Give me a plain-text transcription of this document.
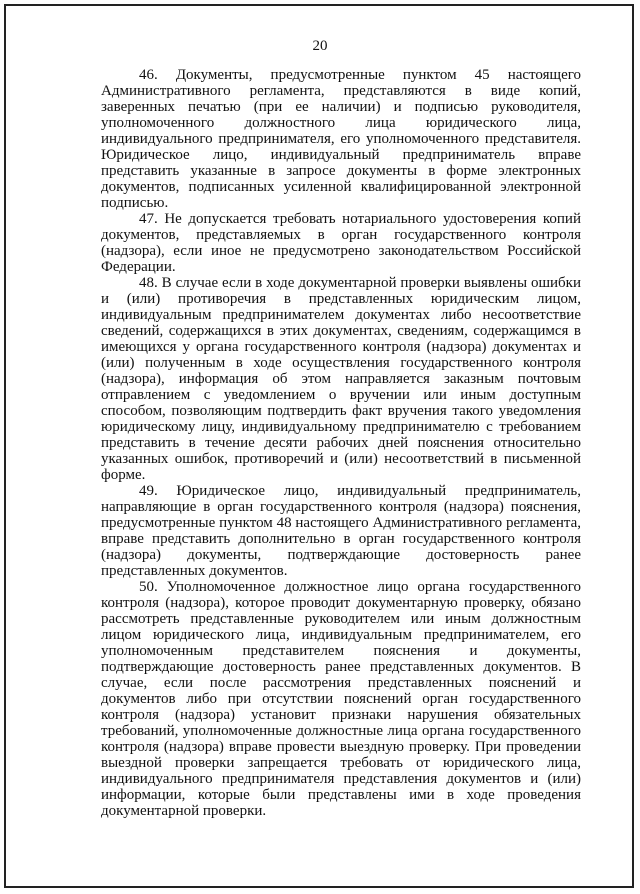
20

46. Документы, предусмотренные пунктом 45 настоящего Административного регламента, представляются в виде копий, заверенных печатью (при ее наличии) и подписью руководителя, уполномоченного должностного лица юридического лица, индивидуального предпринимателя, его уполномоченного представителя. Юридическое лицо, индивидуальный предприниматель вправе представить указанные в запросе документы в форме электронных документов, подписанных усиленной квалифицированной электронной подписью.

47. Не допускается требовать нотариального удостоверения копий документов, представляемых в орган государственного контроля (надзора), если иное не предусмотрено законодательством Российской Федерации.

48. В случае если в ходе документарной проверки выявлены ошибки и (или) противоречия в представленных юридическим лицом, индивидуальным предпринимателем документах либо несоответствие сведений, содержащихся в этих документах, сведениям, содержащимся в имеющихся у органа государственного контроля (надзора) документах и (или) полученным в ходе осуществления государственного контроля (надзора), информация об этом направляется заказным почтовым отправлением с уведомлением о вручении или иным доступным способом, позволяющим подтвердить факт вручения такого уведомления юридическому лицу, индивидуальному предпринимателю с требованием представить в течение десяти рабочих дней пояснения относительно указанных ошибок, противоречий и (или) несоответствий в письменной форме.

49. Юридическое лицо, индивидуальный предприниматель, направляющие в орган государственного контроля (надзора) пояснения, предусмотренные пунктом 48 настоящего Административного регламента, вправе представить дополнительно в орган государственного контроля (надзора) документы, подтверждающие достоверность ранее представленных документов.

50. Уполномоченное должностное лицо органа государственного контроля (надзора), которое проводит документарную проверку, обязано рассмотреть представленные руководителем или иным должностным лицом юридического лица, индивидуальным предпринимателем, его уполномоченным представителем пояснения и документы, подтверждающие достоверность ранее представленных документов. В случае, если после рассмотрения представленных пояснений и документов либо при отсутствии пояснений орган государственного контроля (надзора) установит признаки нарушения обязательных требований, уполномоченные должностные лица органа государственного контроля (надзора) вправе провести выездную проверку. При проведении выездной проверки запрещается требовать от юридического лица, индивидуального предпринимателя представления документов и (или) информации, которые были представлены ими в ходе проведения документарной проверки.
